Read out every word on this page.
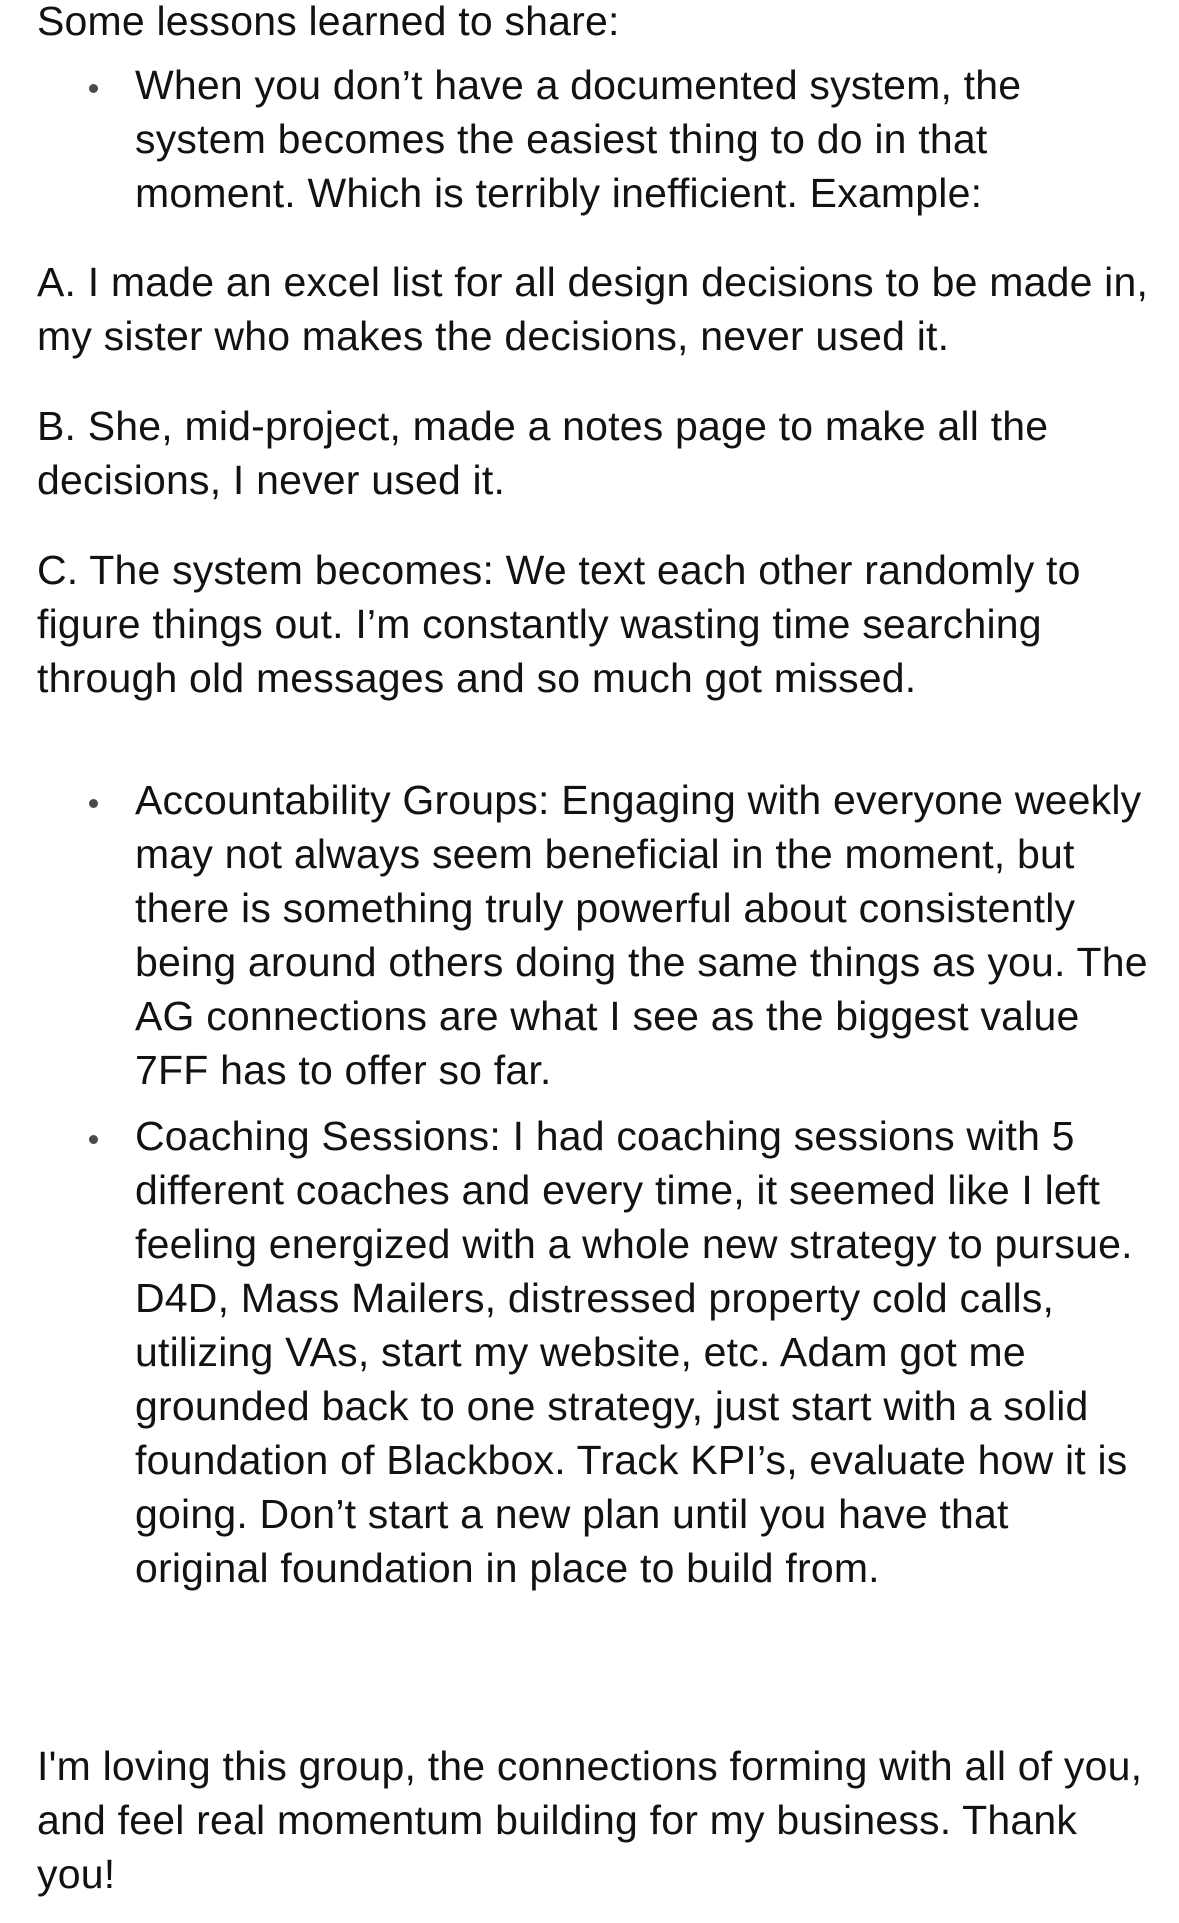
Some lessons learned to share:

When you don’t have a documented system, the system becomes the easiest thing to do in that moment. Which is terribly inefficient. Example:

A. I made an excel list for all design decisions to be made in, my sister who makes the decisions, never used it.

B. She, mid-project, made a notes page to make all the decisions, I never used it.

C. The system becomes: We text each other randomly to figure things out. I’m constantly wasting time searching through old messages and so much got missed.

Accountability Groups: Engaging with everyone weekly may not always seem beneficial in the moment, but there is something truly powerful about consistently being around others doing the same things as you. The AG connections are what I see as the biggest value 7FF has to offer so far.

Coaching Sessions: I had coaching sessions with 5 different coaches and every time, it seemed like I left feeling energized with a whole new strategy to pursue. D4D, Mass Mailers, distressed property cold calls, utilizing VAs, start my website, etc. Adam got me grounded back to one strategy, just start with a solid foundation of Blackbox. Track KPI’s, evaluate how it is going. Don’t start a new plan until you have that original foundation in place to build from.

I'm loving this group, the connections forming with all of you, and feel real momentum building for my business. Thank you!
